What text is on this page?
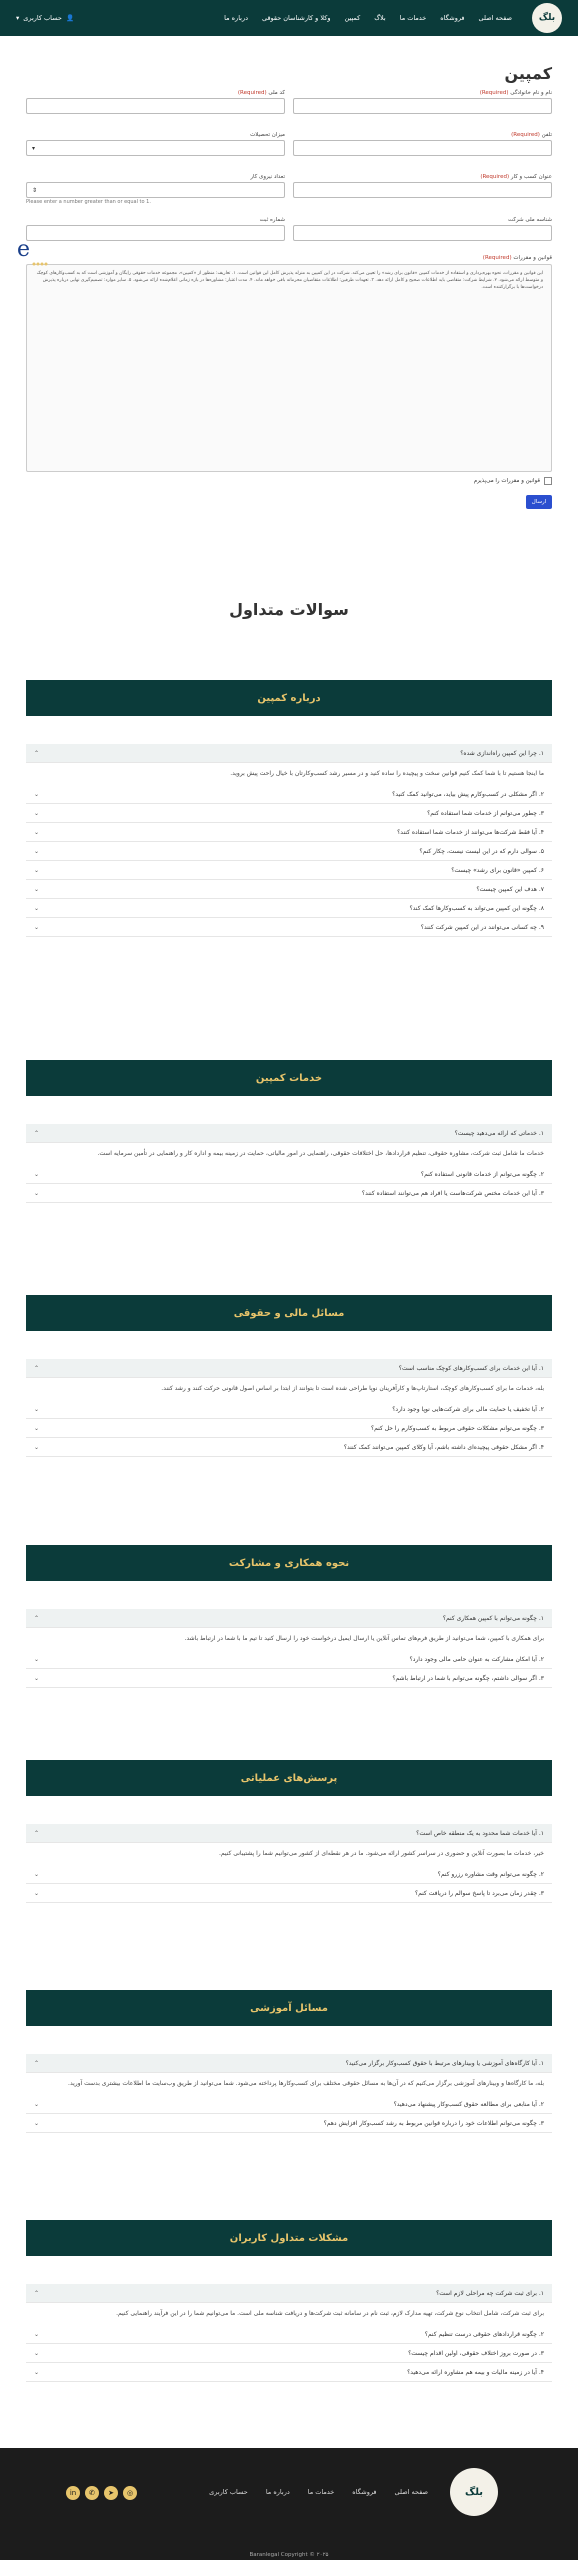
بلگ
صفحه اصلی
فروشگاه
خدمات ما
بلاگ
کمپین
وکلا و کارشناسان حقوقی
درباره ما
👤
حساب کاربری
▾
کمپین
نام و نام خانوادگی (Required)
کد ملی (Required)
تلفن (Required)
میزان تحصیلات
▾
عنوان کسب و کار (Required)
تعداد نیروی کار
⇕
Please enter a number greater than or equal to 1.
شناسه ملی شرکت
شماره ثبت
e	قوانین و مقررات (Required)
این قوانین و مقررات، نحوه بهره‌برداری و استفاده از خدمات کمپین «قانون برای رشد» را تعیین می‌کند. شرکت در این کمپین به منزله پذیرش کامل این قوانین است. ۱. تعاریف: منظور از «کمپین»، مجموعه خدمات حقوقی رایگان و آموزشی است که به کسب‌وکارهای کوچک و متوسط ارائه می‌شود. ۲. شرایط شرکت: متقاضی باید اطلاعات صحیح و کامل ارائه دهد. ۳. تعهدات طرفین: اطلاعات متقاضیان محرمانه باقی خواهد ماند. ۴. مدت اعتبار: مشاوره‌ها در بازه زمانی اعلام‌شده ارائه می‌شود. ۵. سایر موارد: تصمیم‌گیری نهایی درباره پذیرش درخواست‌ها با برگزارکننده است.
قوانین و مقررات را می‌پذیرم
ارسال
سوالات متداول
درباره کمپین
۱. چرا این کمپین راه‌اندازی شده؟
⌃
ما اینجا هستیم تا با شما کمک کنیم قوانین سخت و پیچیده را ساده کنید و در مسیر رشد کسب‌وکارتان با خیال راحت پیش بروید.
۲. اگر مشکلی در کسب‌وکارم پیش بیاید، می‌توانید کمک کنید؟
⌄
۳. چطور می‌توانم از خدمات شما استفاده کنم؟
⌄
۴. آیا فقط شرکت‌ها می‌توانند از خدمات شما استفاده کنند؟
⌄
۵. سوالی دارم که در این لیست نیست، چکار کنم؟
⌄
۶. کمپین «قانون برای رشد» چیست؟
⌄
۷. هدف این کمپین چیست؟
⌄
۸. چگونه این کمپین می‌تواند به کسب‌وکارها کمک کند؟
⌄
۹. چه کسانی می‌توانند در این کمپین شرکت کنند؟
⌄
خدمات کمپین
۱. خدماتی که ارائه می‌دهید چیست؟
⌃
خدمات ما شامل ثبت شرکت، مشاوره حقوقی، تنظیم قراردادها، حل اختلافات حقوقی، راهنمایی در امور مالیاتی، حمایت در زمینه بیمه و اداره کار و راهنمایی در تأمین سرمایه است.
۲. چگونه می‌توانم از خدمات قانونی استفاده کنم؟
⌄
۳. آیا این خدمات مختص شرکت‌هاست یا افراد هم می‌توانند استفاده کنند؟
⌄
مسائل مالی و حقوقی
۱. آیا این خدمات برای کسب‌وکارهای کوچک مناسب است؟
⌃
بله، خدمات ما برای کسب‌وکارهای کوچک، استارتاپ‌ها و کارآفرینان نوپا طراحی شده است تا بتوانند از ابتدا بر اساس اصول قانونی حرکت کنند و رشد کنند.
۲. آیا تخفیف یا حمایت مالی برای شرکت‌هایی نوپا وجود دارد؟
⌄
۳. چگونه می‌توانم مشکلات حقوقی مربوط به کسب‌وکارم را حل کنم؟
⌄
۴. اگر مشکل حقوقی پیچیده‌ای داشته باشم، آیا وکلای کمپین می‌توانند کمک کنند؟
⌄
نحوه همکاری و مشارکت
۱. چگونه می‌توانم با کمپین همکاری کنم؟
⌃
برای همکاری با کمپین، شما می‌توانید از طریق فرم‌های تماس آنلاین یا ارسال ایمیل درخواست خود را ارسال کنید تا تیم ما با شما در ارتباط باشد.
۲. آیا امکان مشارکت به عنوان حامی مالی وجود دارد؟
⌄
۳. اگر سوالی داشتم، چگونه می‌توانم با شما در ارتباط باشم؟
⌄
پرسش‌های عملیاتی
۱. آیا خدمات شما محدود به یک منطقه خاص است؟
⌃
خیر، خدمات ما بصورت آنلاین و حضوری در سراسر کشور ارائه می‌شود. ما در هر نقطه‌ای از کشور می‌توانیم شما را پشتیبانی کنیم.
۲. چگونه می‌توانم وقت مشاوره رزرو کنم؟
⌄
۳. چقدر زمان می‌برد تا پاسخ سوالم را دریافت کنم؟
⌄
مسائل آموزشی
۱. آیا کارگاه‌های آموزشی یا وبینارهای مرتبط با حقوق کسب‌وکار برگزار می‌کنید؟
⌃
بله، ما کارگاه‌ها و وبینارهای آموزشی برگزار می‌کنیم که در آن‌ها به مسائل حقوقی مختلف برای کسب‌وکارها پرداخته می‌شود. شما می‌توانید از طریق وب‌سایت ما اطلاعات بیشتری بدست آورید.
۲. آیا منابعی برای مطالعه حقوق کسب‌وکار پیشنهاد می‌دهید؟
⌄
۳. چگونه می‌توانم اطلاعات خود را درباره قوانین مربوط به رشد کسب‌وکار افزایش دهم؟
⌄
مشکلات متداول کاربران
۱. برای ثبت شرکت چه مراحلی لازم است؟
⌃
برای ثبت شرکت، شامل انتخاب نوع شرکت، تهیه مدارک لازم، ثبت نام در سامانه ثبت شرکت‌ها و دریافت شناسه ملی است. ما می‌توانیم شما را در این فرآیند راهنمایی کنیم.
۲. چگونه قراردادهای حقوقی درست تنظیم کنم؟
⌄
۳. در صورت بروز اختلاف حقوقی، اولین اقدام چیست؟
⌄
۴. آیا در زمینه مالیات و بیمه هم مشاوره ارائه می‌دهید؟
⌄
بلگ
صفحه اصلی
فروشگاه
خدمات ما
درباره ما
حساب کاربری
◎
➤
✆
in
Baranlegal Copyright © ۲۰۲۵
